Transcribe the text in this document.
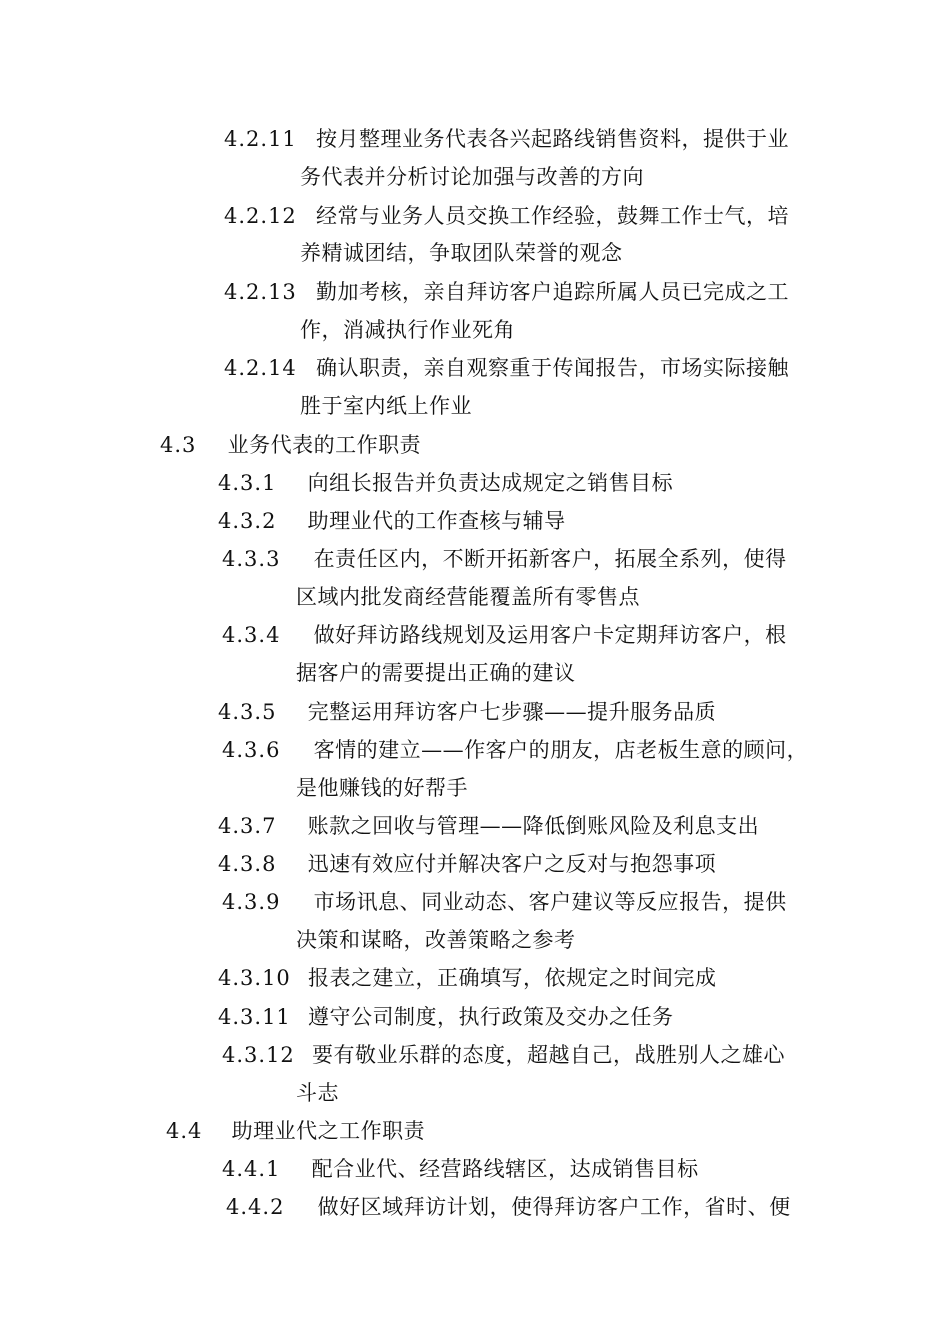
4.2.11 按月整理业务代表各兴起路线销售资料，提供于业
务代表并分析讨论加强与改善的方向
4.2.12 经常与业务人员交换工作经验，鼓舞工作士气，培
养精诚团结，争取团队荣誉的观念
4.2.13 勤加考核，亲自拜访客户追踪所属人员已完成之工
作，消减执行作业死角
4.2.14 确认职责，亲自观察重于传闻报告，市场实际接触
胜于室内纸上作业
4.3 业务代表的工作职责
4.3.1 向组长报告并负责达成规定之销售目标
4.3.2 助理业代的工作查核与辅导
4.3.3 在责任区内，不断开拓新客户，拓展全系列，使得
区域内批发商经营能覆盖所有零售点
4.3.4 做好拜访路线规划及运用客户卡定期拜访客户，根
据客户的需要提出正确的建议
4.3.5 完整运用拜访客户七步骤——提升服务品质
4.3.6 客情的建立——作客户的朋友，店老板生意的顾问，
是他赚钱的好帮手
4.3.7 账款之回收与管理——降低倒账风险及利息支出
4.3.8 迅速有效应付并解决客户之反对与抱怨事项
4.3.9 市场讯息、同业动态、客户建议等反应报告，提供
决策和谋略，改善策略之参考
4.3.10 报表之建立，正确填写，依规定之时间完成
4.3.11 遵守公司制度，执行政策及交办之任务
4.3.12 要有敬业乐群的态度，超越自己，战胜别人之雄心
斗志
4.4 助理业代之工作职责
4.4.1 配合业代、经营路线辖区，达成销售目标
4.4.2 做好区域拜访计划，使得拜访客户工作，省时、便
